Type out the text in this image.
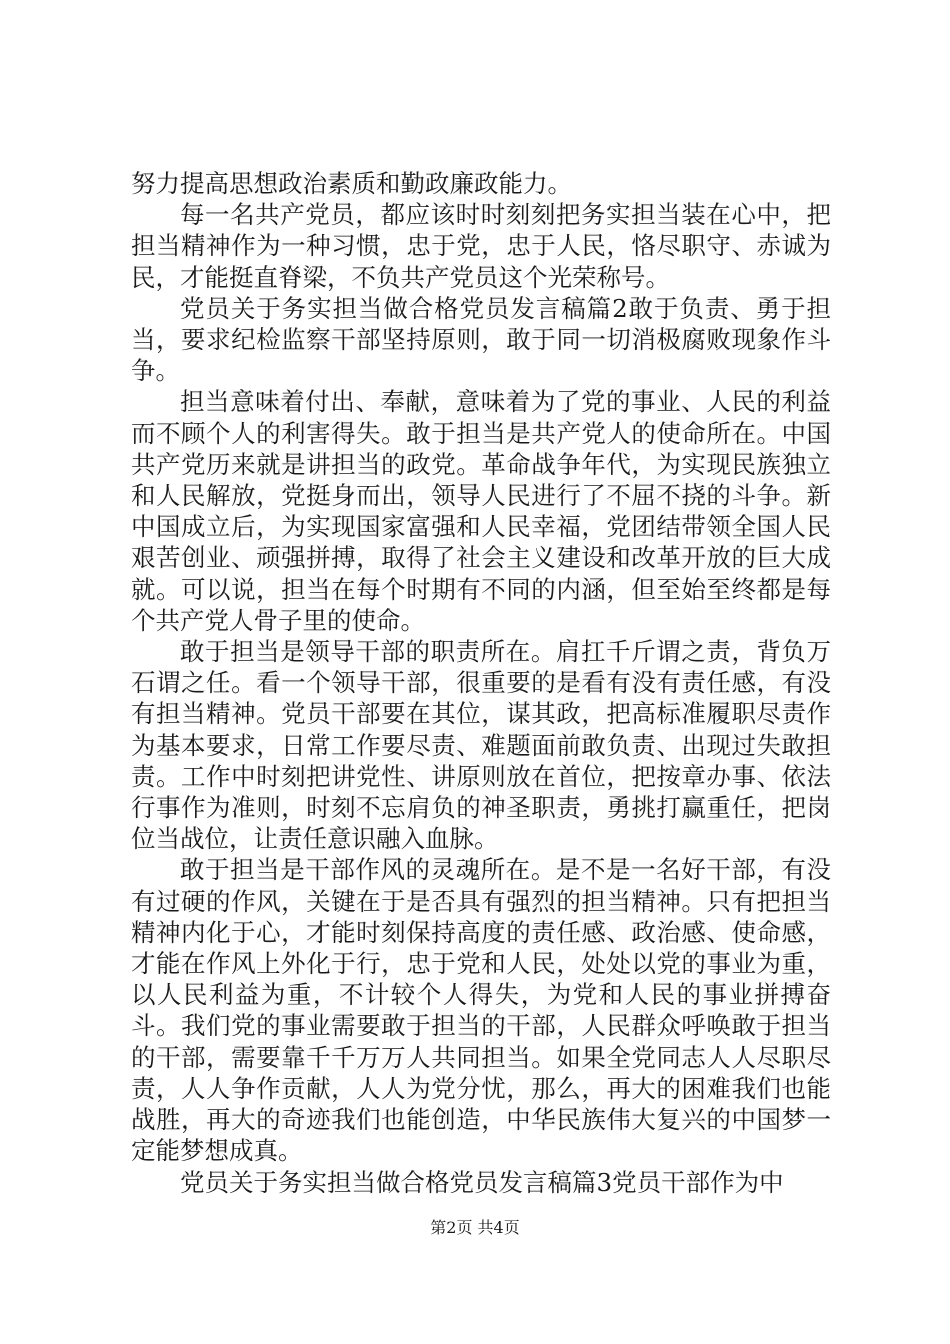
努力提高思想政治素质和勤政廉政能力。

每一名共产党员，都应该时时刻刻把务实担当装在心中，把担当精神作为一种习惯，忠于党，忠于人民，恪尽职守、赤诚为民，才能挺直脊梁，不负共产党员这个光荣称号。

党员关于务实担当做合格党员发言稿篇2敢于负责、勇于担当，要求纪检监察干部坚持原则，敢于同一切消极腐败现象作斗争。

担当意味着付出、奉献，意味着为了党的事业、人民的利益而不顾个人的利害得失。敢于担当是共产党人的使命所在。中国共产党历来就是讲担当的政党。革命战争年代，为实现民族独立和人民解放，党挺身而出，领导人民进行了不屈不挠的斗争。新中国成立后，为实现国家富强和人民幸福，党团结带领全国人民艰苦创业、顽强拼搏，取得了社会主义建设和改革开放的巨大成就。可以说，担当在每个时期有不同的内涵，但至始至终都是每个共产党人骨子里的使命。

敢于担当是领导干部的职责所在。肩扛千斤谓之责，背负万石谓之任。看一个领导干部，很重要的是看有没有责任感，有没有担当精神。党员干部要在其位，谋其政，把高标准履职尽责作为基本要求，日常工作要尽责、难题面前敢负责、出现过失敢担责。工作中时刻把讲党性、讲原则放在首位，把按章办事、依法行事作为准则，时刻不忘肩负的神圣职责，勇挑打赢重任，把岗位当战位，让责任意识融入血脉。

敢于担当是干部作风的灵魂所在。是不是一名好干部，有没有过硬的作风，关键在于是否具有强烈的担当精神。只有把担当精神内化于心，才能时刻保持高度的责任感、政治感、使命感，才能在作风上外化于行，忠于党和人民，处处以党的事业为重，以人民利益为重，不计较个人得失，为党和人民的事业拼搏奋斗。我们党的事业需要敢于担当的干部，人民群众呼唤敢于担当的干部，需要靠千千万万人共同担当。如果全党同志人人尽职尽责，人人争作贡献，人人为党分忧，那么，再大的困难我们也能战胜，再大的奇迹我们也能创造，中华民族伟大复兴的中国梦一定能梦想成真。

党员关于务实担当做合格党员发言稿篇3党员干部作为中

第2页 共4页
